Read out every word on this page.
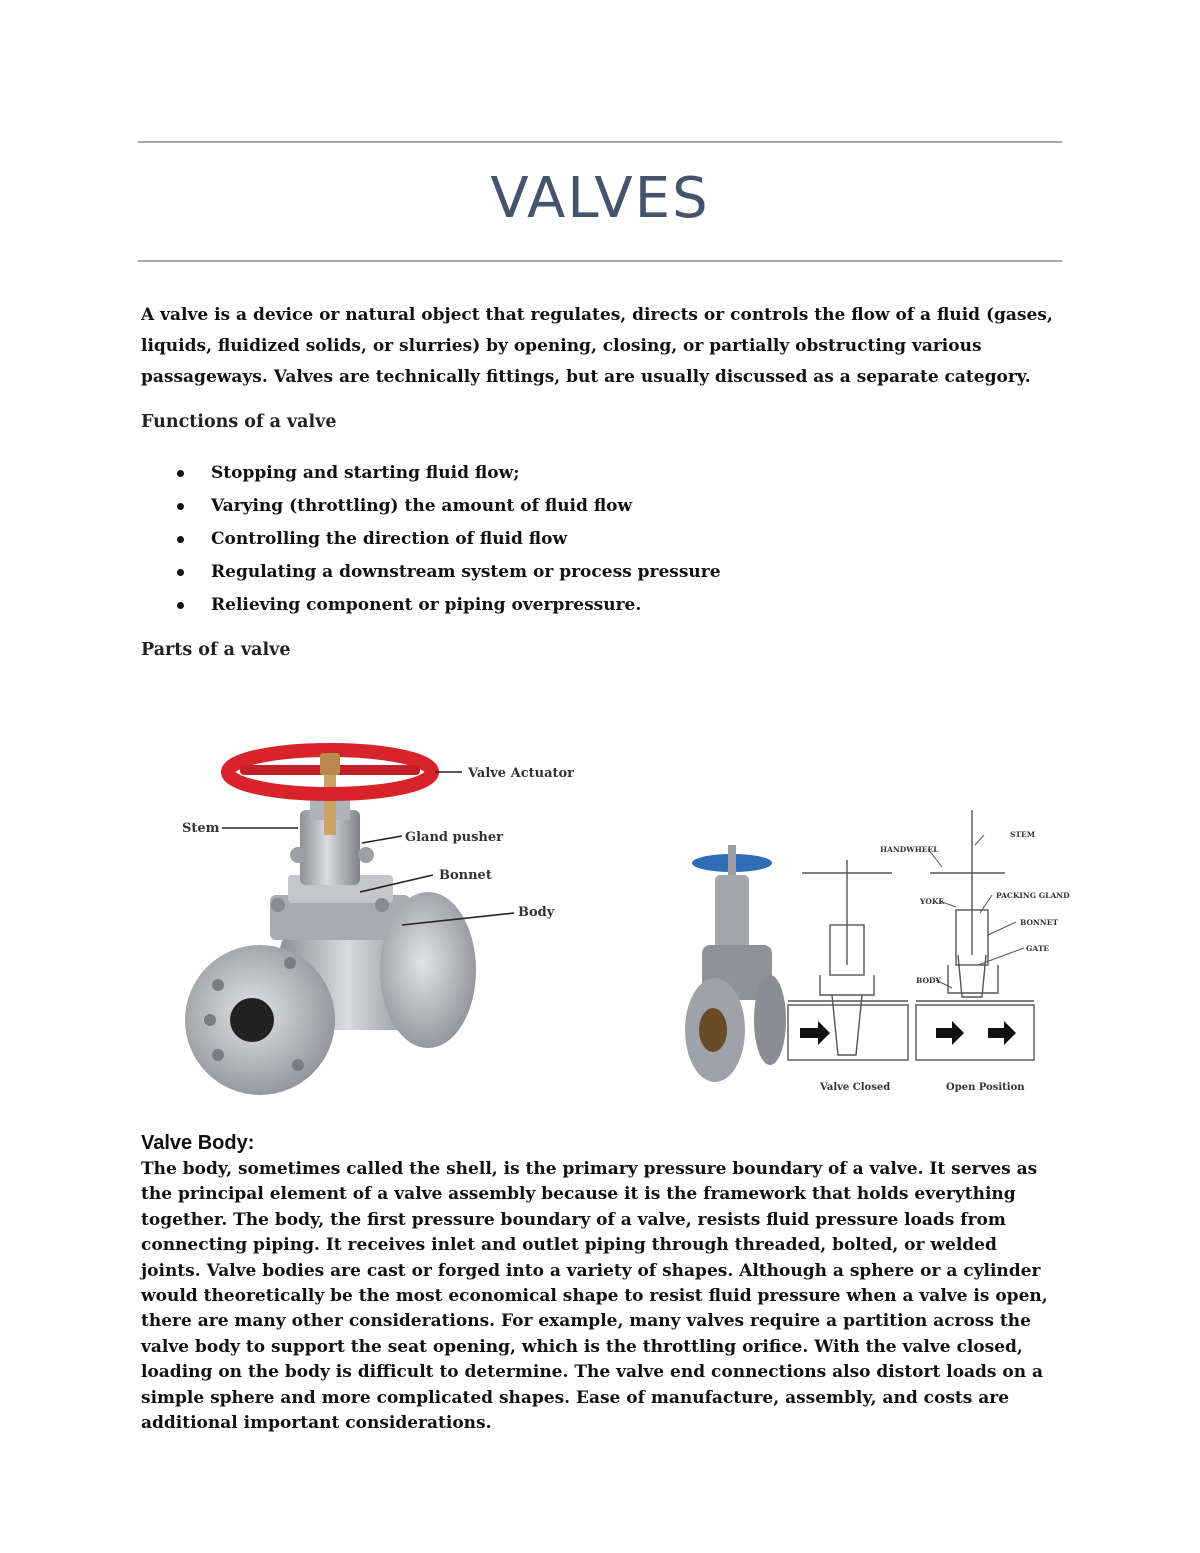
VALVES

A valve is a device or natural object that regulates, directs or controls the flow of a fluid (gases, liquids, fluidized solids, or slurries) by opening, closing, or partially obstructing various passageways. Valves are technically fittings, but are usually discussed as a separate category.

Functions of a valve

Stopping and starting fluid flow;
Varying (throttling) the amount of fluid flow
Controlling the direction of fluid flow
Regulating a downstream system or process pressure
Relieving component or piping overpressure.

Parts of a valve

Valve Actuator
Stem
Gland pusher
Bonnet
Body
HANDWHEEL
STEM
YOKE
PACKING GLAND
BONNET
GATE
BODY
Valve Closed	Open Position

Valve Body:

The body, sometimes called the shell, is the primary pressure boundary of a valve. It serves as the principal element of a valve assembly because it is the framework that holds everything together. The body, the first pressure boundary of a valve, resists fluid pressure loads from connecting piping. It receives inlet and outlet piping through threaded, bolted, or welded joints. Valve bodies are cast or forged into a variety of shapes. Although a sphere or a cylinder would theoretically be the most economical shape to resist fluid pressure when a valve is open, there are many other considerations. For example, many valves require a partition across the valve body to support the seat opening, which is the throttling orifice. With the valve closed, loading on the body is difficult to determine. The valve end connections also distort loads on a simple sphere and more complicated shapes. Ease of manufacture, assembly, and costs are additional important considerations.
